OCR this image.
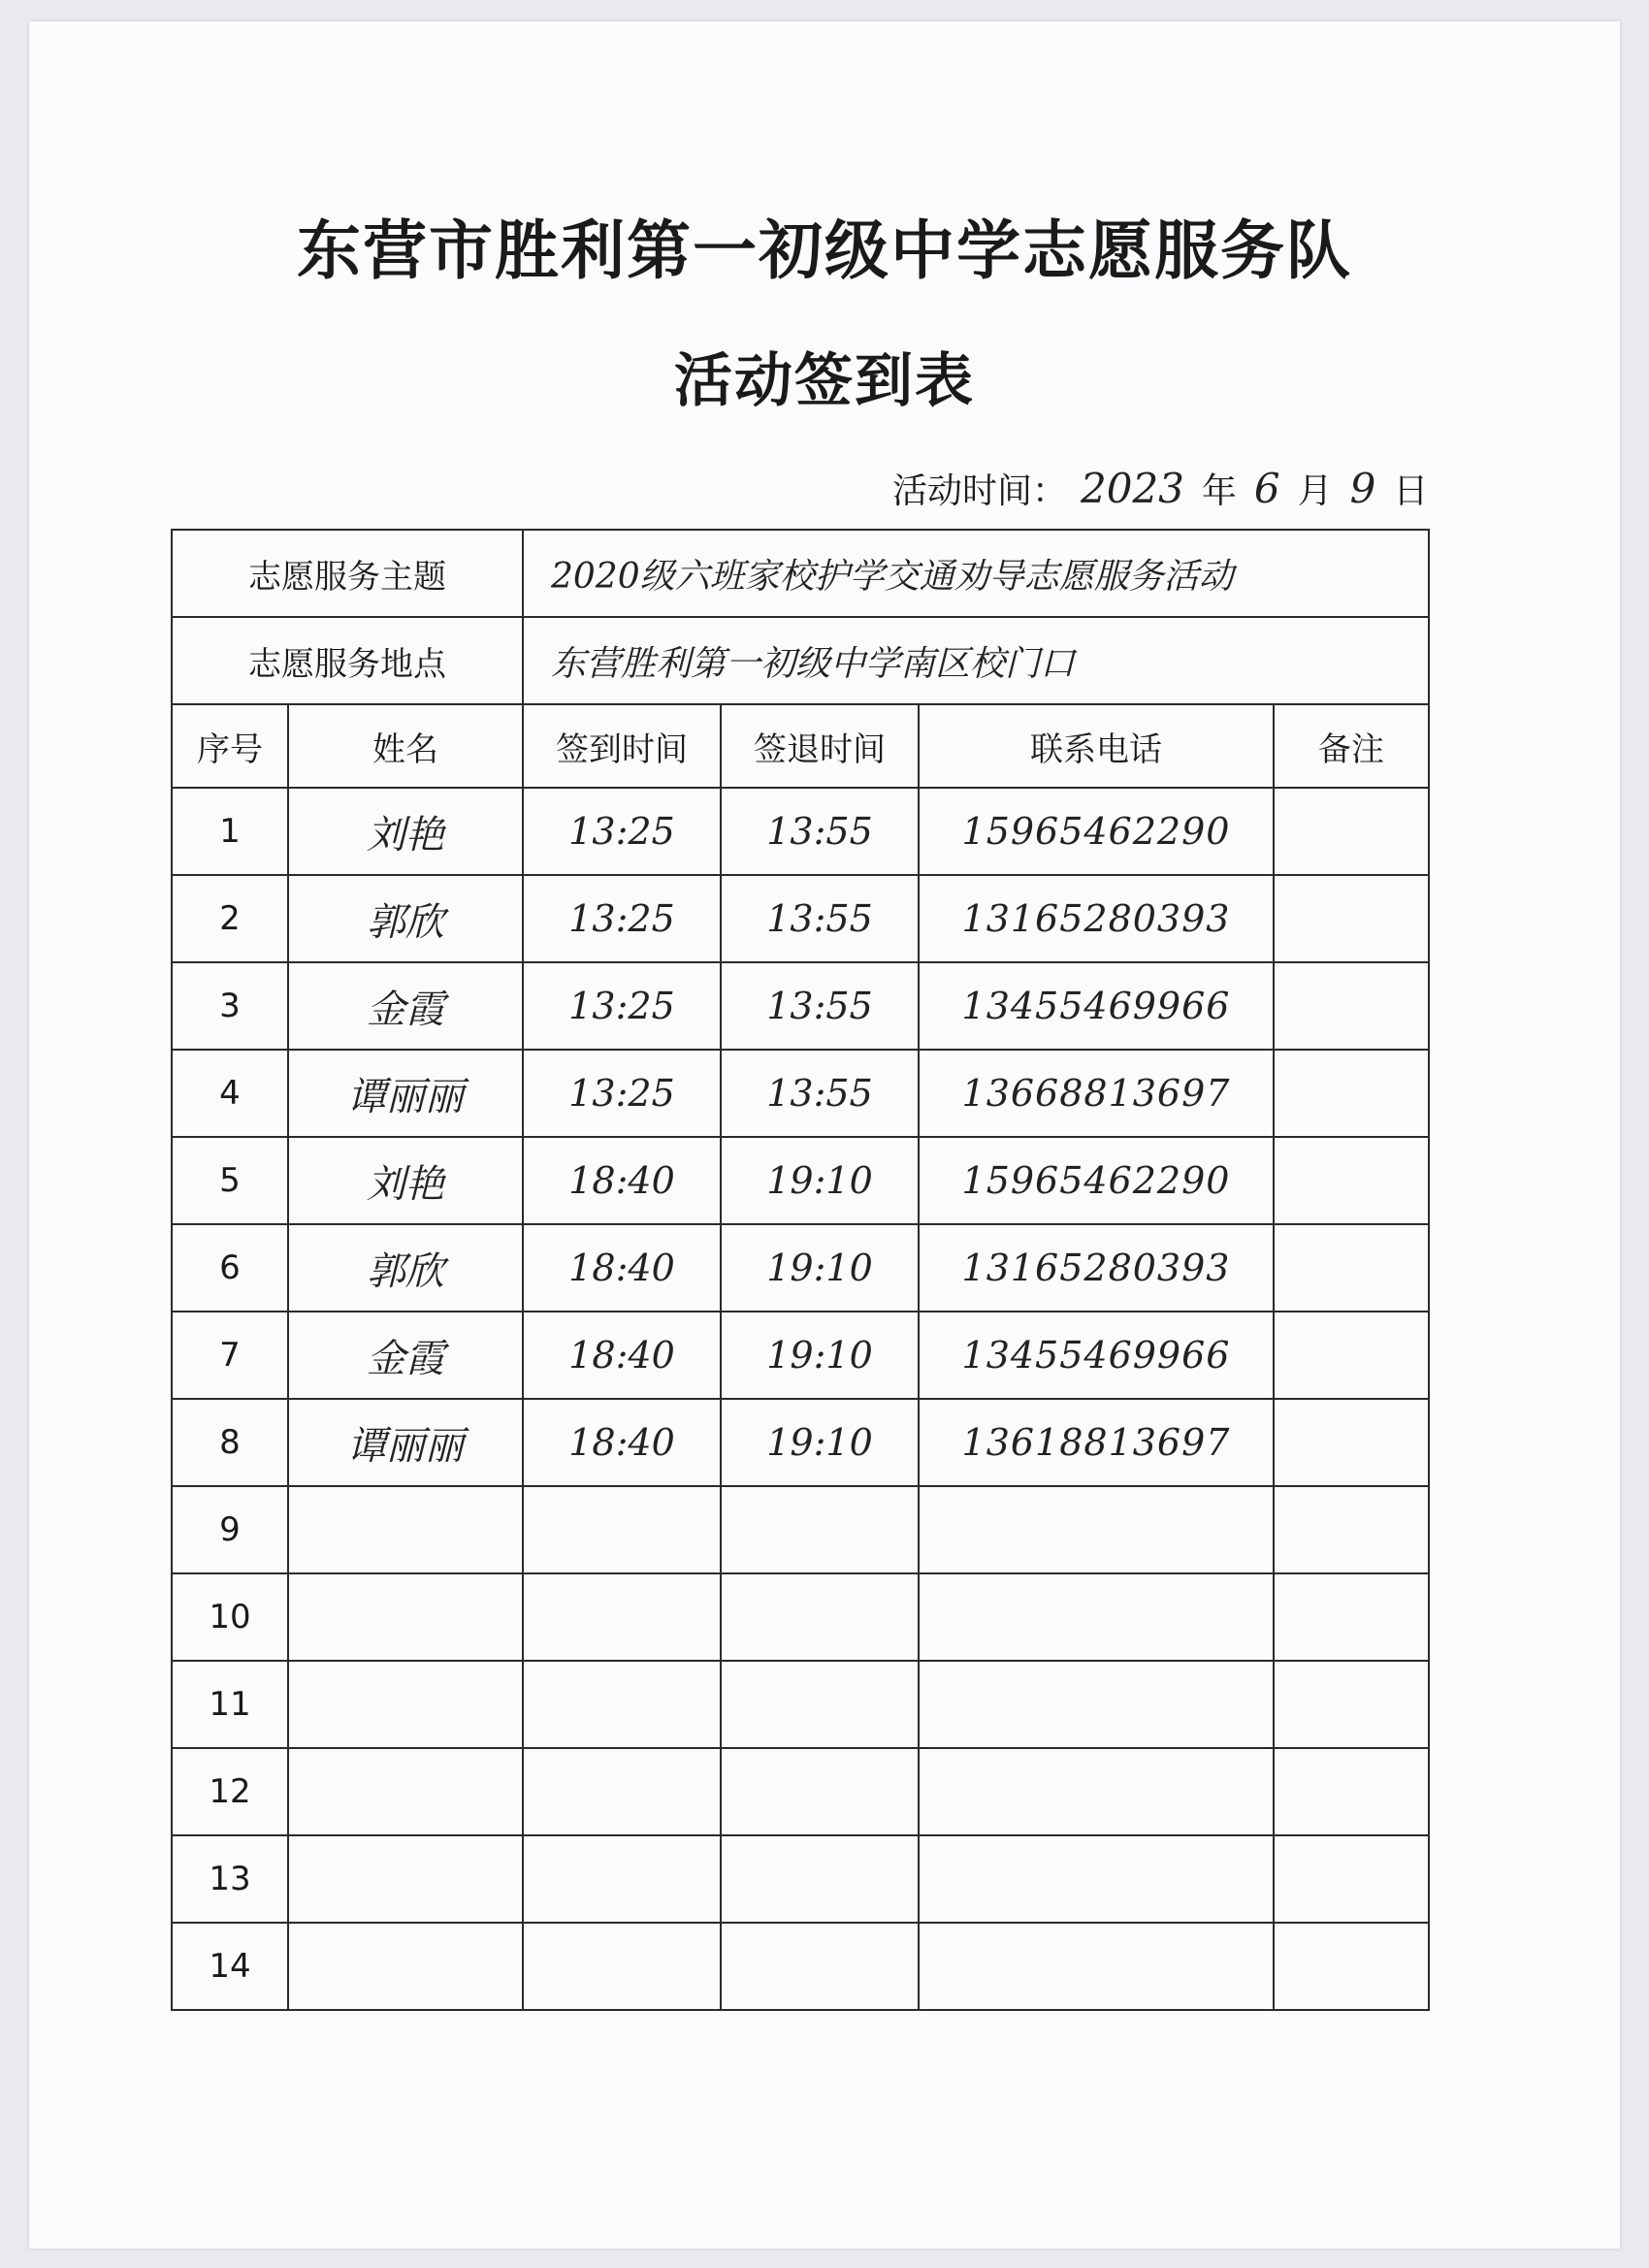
东营市胜利第一初级中学志愿服务队
活动签到表
活动时间： 2023 年 6 月 9 日
志愿服务主题		2020级六班家校护学交通劝导志愿服务活动			
志愿服务地点		东营胜利第一初级中学南区校门口			
序号	姓名	签到时间	签退时间	联系电话	备注
1	刘艳	13:25	13:55	15965462290	
2	郭欣	13:25	13:55	13165280393	
3	金霞	13:25	13:55	13455469966	
4	谭丽丽	13:25	13:55	13668813697	
5	刘艳	18:40	19:10	15965462290	
6	郭欣	18:40	19:10	13165280393	
7	金霞	18:40	19:10	13455469966	
8	谭丽丽	18:40	19:10	13618813697	
9					
10					
11					
12					
13					
14					
